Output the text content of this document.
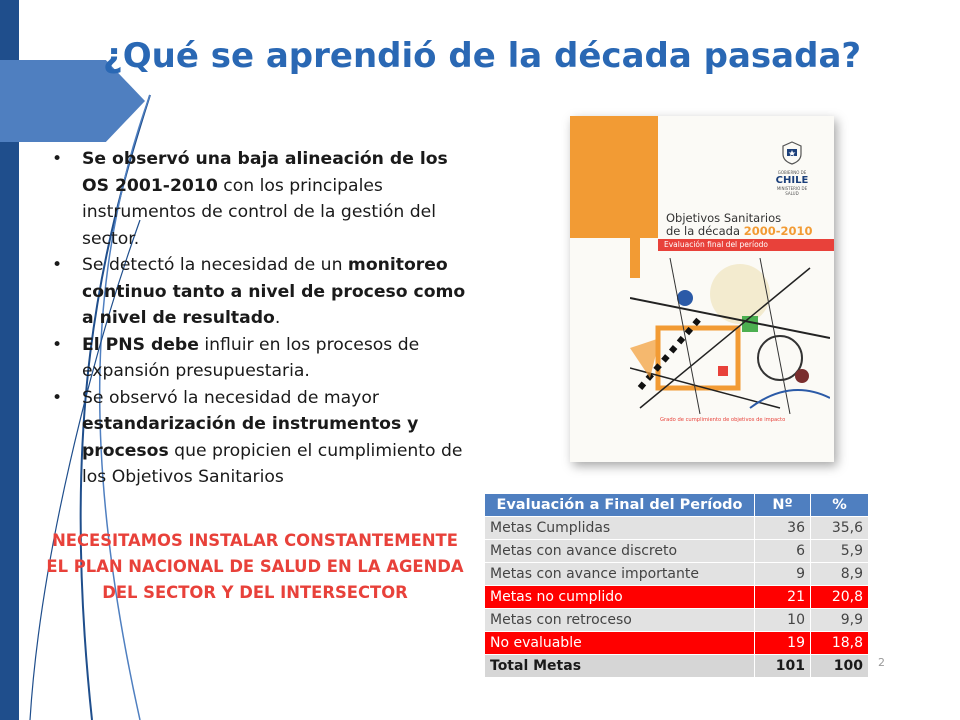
¿Qué se aprendió de la década pasada?
• Se observó una baja alineación de los OS 2001-2010 con los principales instrumentos de control de la gestión del sector.
• Se detectó la necesidad de un monitoreo continuo tanto a nivel de proceso como a nivel de resultado.
• El PNS debe influir en los procesos de expansión presupuestaria.
• Se observó la necesidad de mayor estandarización de instrumentos y procesos que propicien el cumplimiento de los Objetivos Sanitarios
NECESITAMOS INSTALAR CONSTANTEMENTE EL PLAN NACIONAL DE SALUD EN LA AGENDA DEL SECTOR Y DEL INTERSECTOR
GOBIERNO DE
CHILE
MINISTERIO DE SALUD
Objetivos Sanitarios
de la década 2000-2010
Evaluación final del período
Grado de cumplimiento de objetivos de impacto
Evaluación a Final del Período	Nº	%
Metas Cumplidas	36	35,6
Metas con avance discreto	6	5,9
Metas con avance importante	9	8,9
Metas no cumplido	21	20,8
Metas con retroceso	10	9,9
No evaluable	19	18,8
Total Metas	101	100 2
